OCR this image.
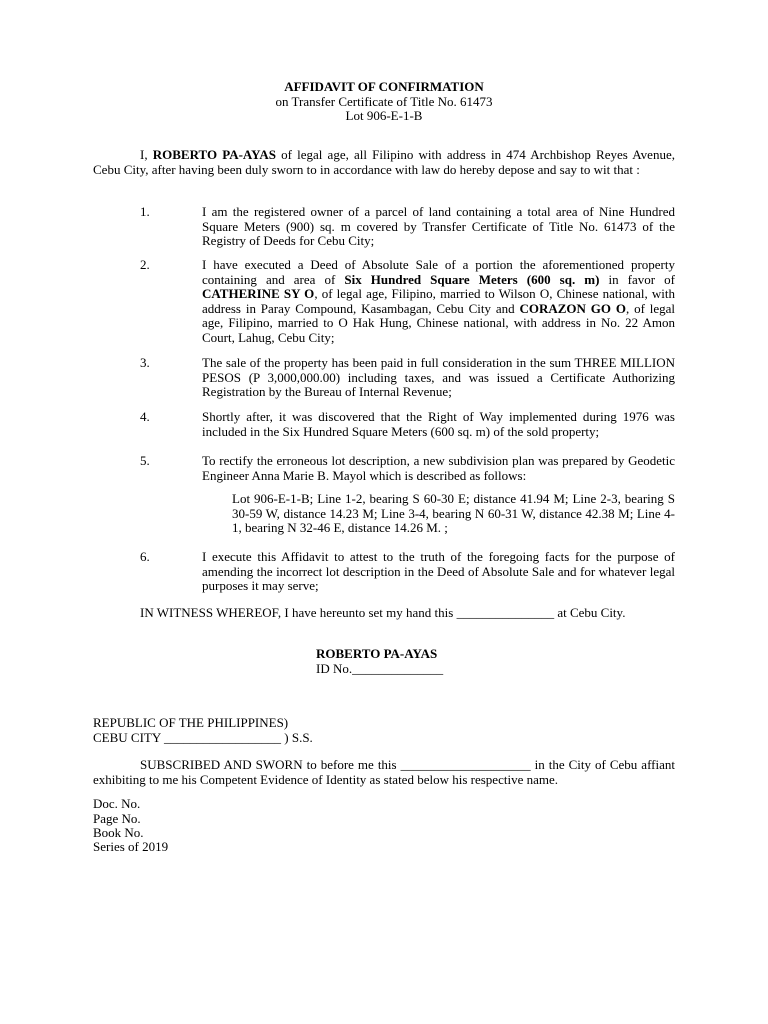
AFFIDAVIT OF CONFIRMATION
on Transfer Certificate of Title No. 61473
Lot 906-E-1-B

I, ROBERTO PA-AYAS of legal age, all Filipino with address in 474 Archbishop Reyes Avenue, Cebu City, after having been duly sworn to in accordance with law do hereby depose and say to wit that :

1.	I am the registered owner of a parcel of land containing a total area of Nine Hundred Square Meters (900) sq. m covered by Transfer Certificate of Title No. 61473 of the Registry of Deeds for Cebu City;

2.	I have executed a Deed of Absolute Sale of a portion the aforementioned property containing and area of Six Hundred Square Meters (600 sq. m) in favor of CATHERINE SY O, of legal age, Filipino, married to Wilson O, Chinese national, with address in Paray Compound, Kasambagan, Cebu City and CORAZON GO O, of legal age, Filipino, married to O Hak Hung, Chinese national, with address in No. 22 Amon Court, Lahug, Cebu City;

3.	The sale of the property has been paid in full consideration in the sum THREE MILLION PESOS (P 3,000,000.00) including taxes, and was issued a Certificate Authorizing Registration by the Bureau of Internal Revenue;

4.	Shortly after, it was discovered that the Right of Way implemented during 1976 was included in the Six Hundred Square Meters (600 sq. m) of the sold property;

5.	To rectify the erroneous lot description, a new subdivision plan was prepared by Geodetic Engineer Anna Marie B. Mayol which is described as follows:

Lot 906-E-1-B; Line 1-2, bearing S 60-30 E; distance 41.94 M; Line 2-3, bearing S 30-59 W, distance 14.23 M; Line 3-4, bearing N 60-31 W, distance 42.38 M; Line 4-1, bearing N 32-46 E, distance 14.26 M. ;

6.	I execute this Affidavit to attest to the truth of the foregoing facts for the purpose of amending the incorrect lot description in the Deed of Absolute Sale and for whatever legal purposes it may serve;

IN WITNESS WHEREOF, I have hereunto set my hand this _______________ at Cebu City.

ROBERTO PA-AYAS

ID No.______________

REPUBLIC OF THE PHILIPPINES)

CEBU CITY __________________ ) S.S.

SUBSCRIBED AND SWORN to before me this ____________________ in the City of Cebu affiant exhibiting to me his Competent Evidence of Identity as stated below his respective name.

Doc. No.

Page No.

Book No.

Series of 2019
